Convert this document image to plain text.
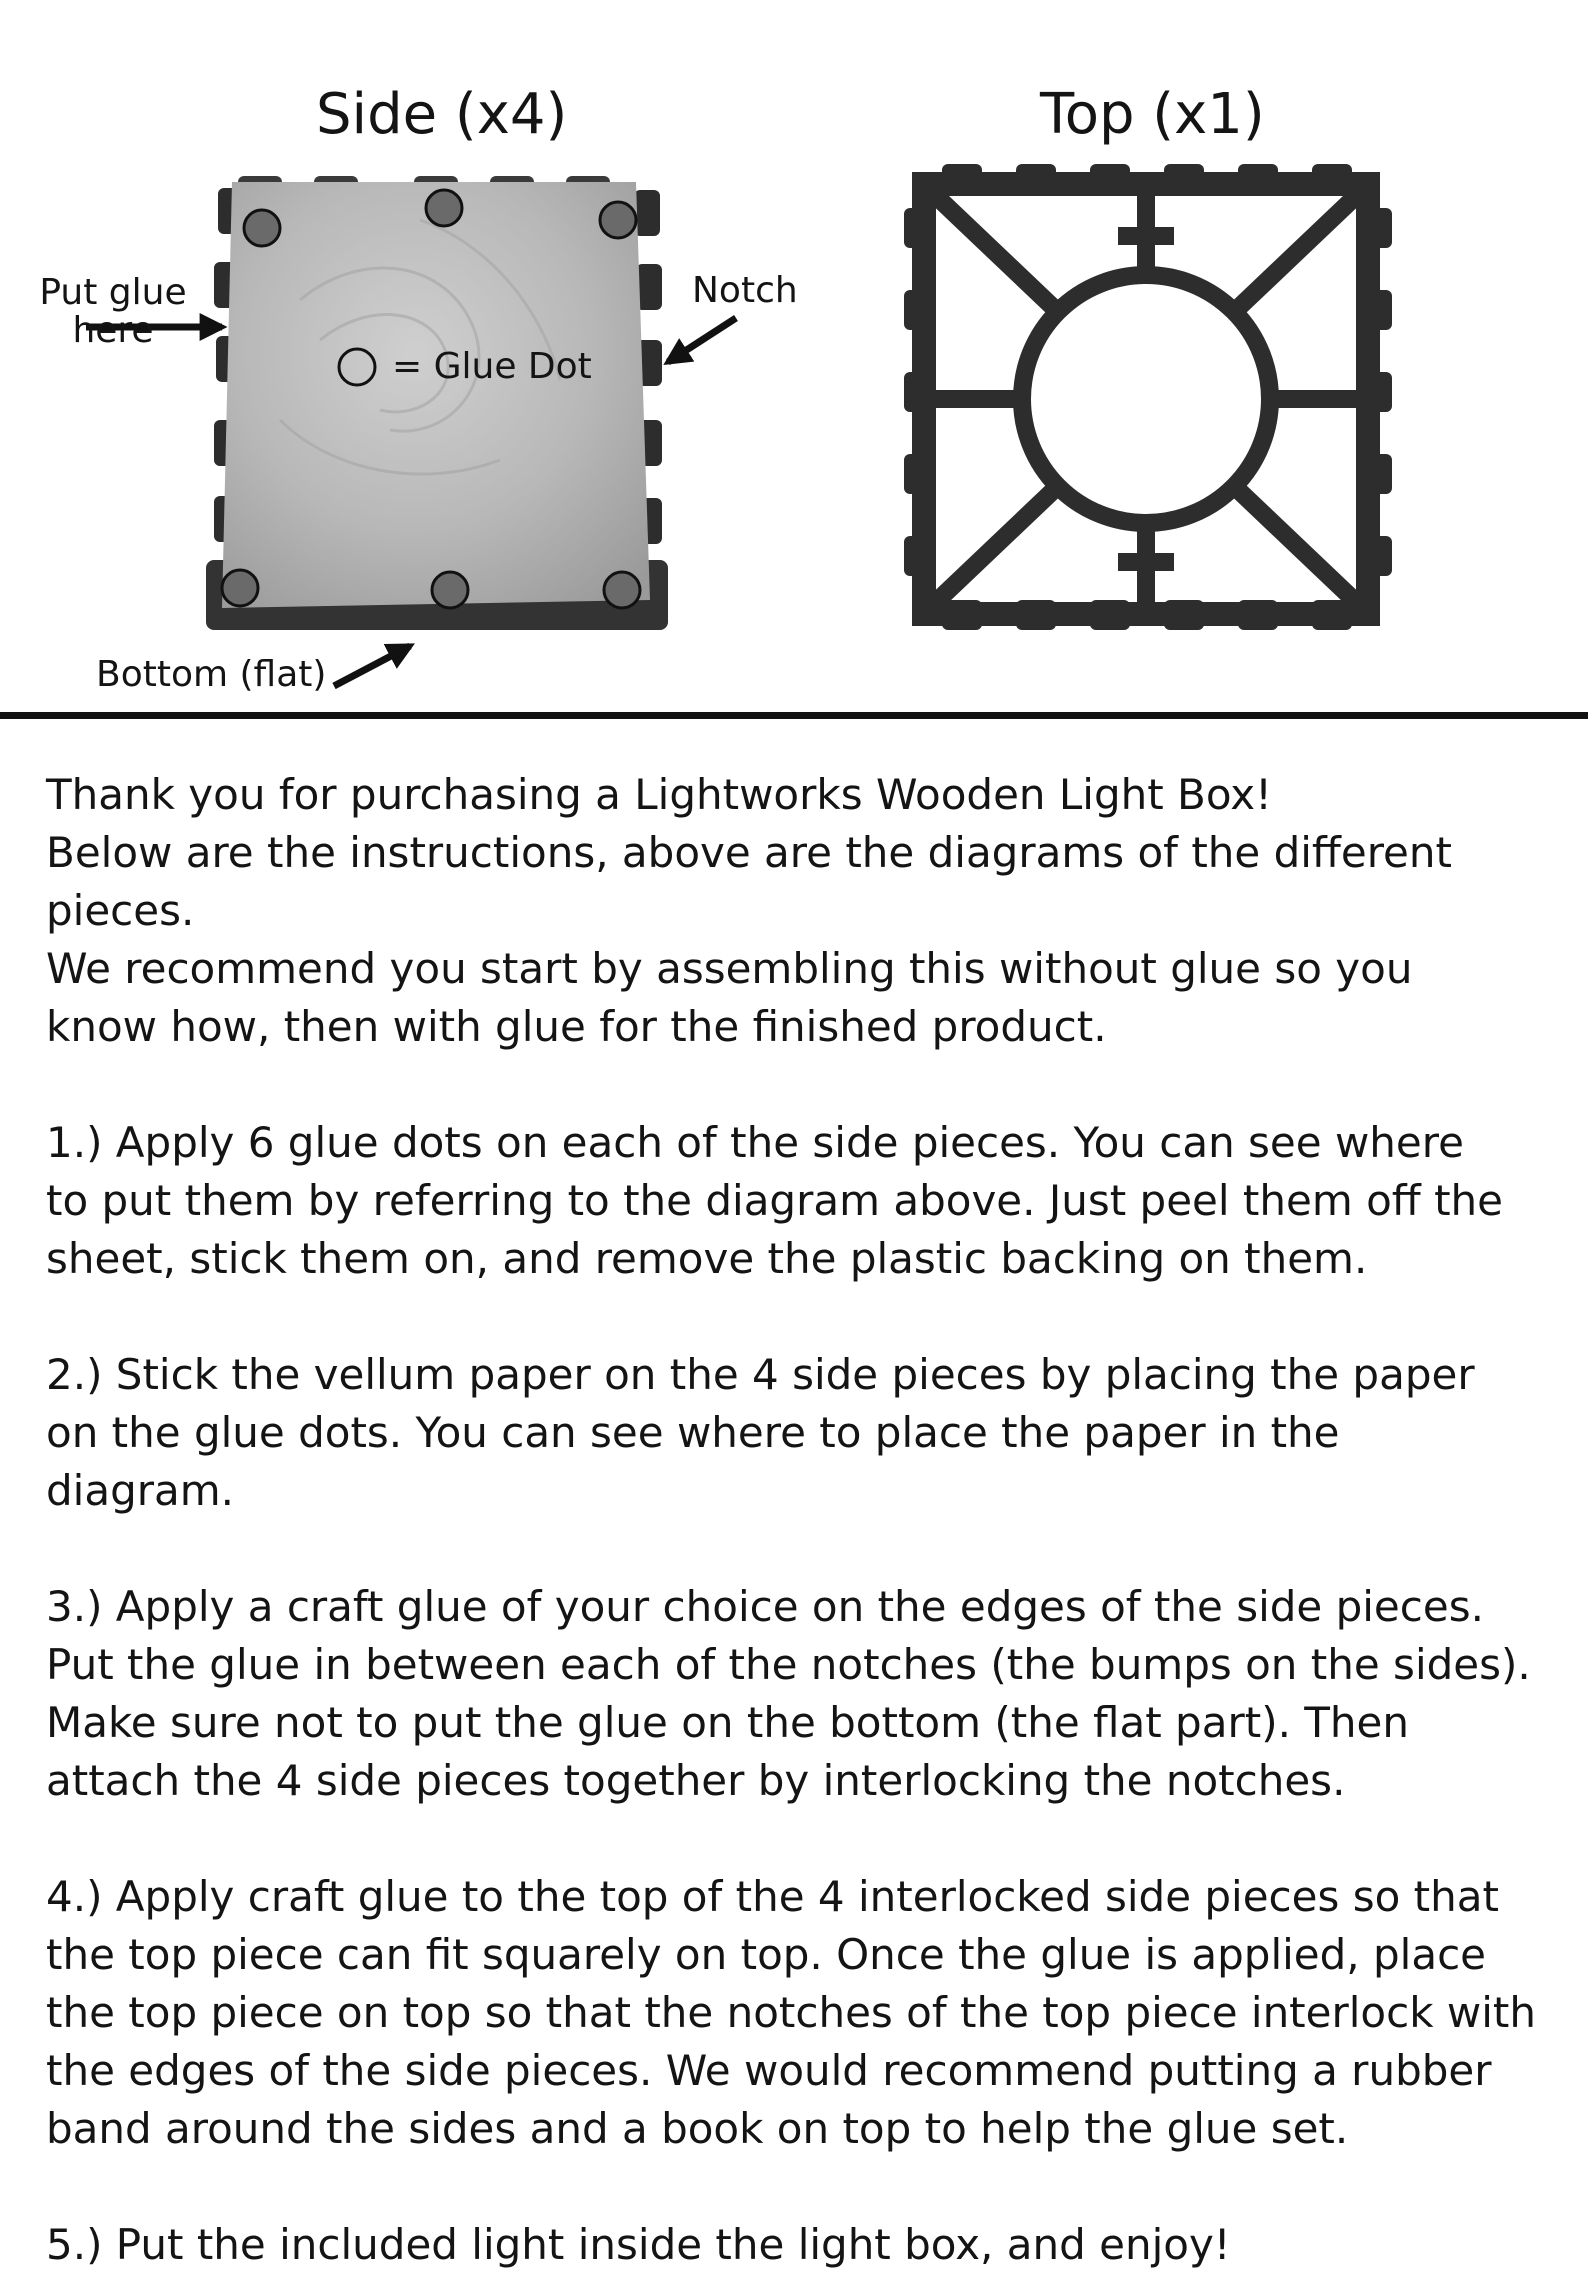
Side (x4)	Top (x1)
Put glue
here
Notch
= Glue Dot
Bottom (flat)

Thank you for purchasing a Lightworks Wooden Light Box!

Below are the instructions, above are the diagrams of the different pieces.

We recommend you start by assembling this without glue so you know how, then with glue for the finished product.

1.) Apply 6 glue dots on each of the side pieces. You can see where to put them by referring to the diagram above. Just peel them off the sheet, stick them on, and remove the plastic backing on them.

2.) Stick the vellum paper on the 4 side pieces by placing the paper on the glue dots. You can see where to place the paper in the diagram.

3.) Apply a craft glue of your choice on the edges of the side pieces. Put the glue in between each of the notches (the bumps on the sides). Make sure not to put the glue on the bottom (the flat part). Then attach the 4 side pieces together by interlocking the notches.

4.) Apply craft glue to the top of the 4 interlocked side pieces so that the top piece can fit squarely on top. Once the glue is applied, place the top piece on top so that the notches of the top piece interlock with the edges of the side pieces. We would recommend putting a rubber band around the sides and a book on top to help the glue set.

5.) Put the included light inside the light box, and enjoy!
